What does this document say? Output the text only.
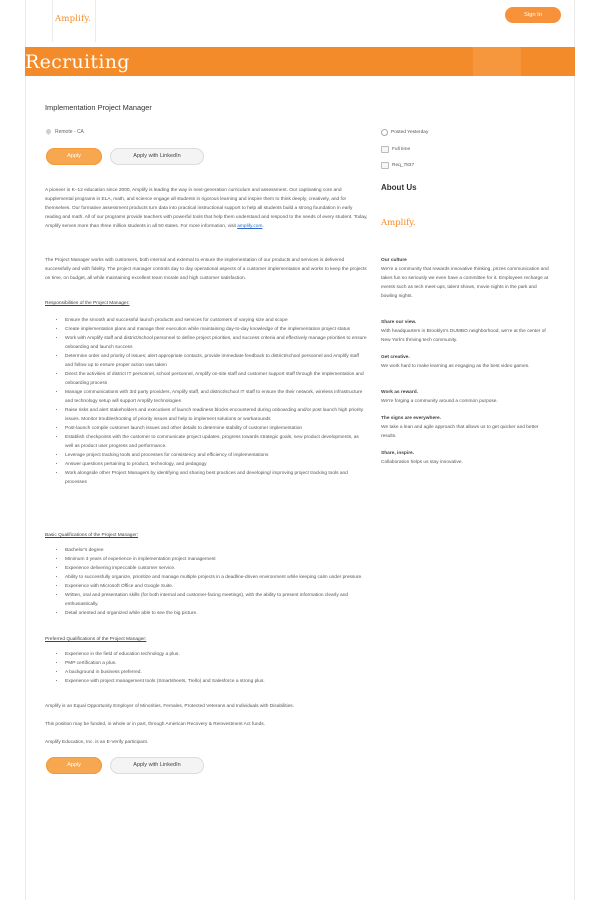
Amplify.	Sign In
Recruiting
Implementation Project Manager
Remote - CA
Apply	Apply with LinkedIn
Posted Yesterday
Full time
Req_7837

A pioneer in K–12 education since 2000, Amplify is leading the way in next-generation curriculum and assessment. Our captivating core and supplemental programs in ELA, math, and science engage all students in rigorous learning and inspire them to think deeply, creatively, and for themselves. Our formative assessment products turn data into practical instructional support to help all students build a strong foundation in early reading and math. All of our programs provide teachers with powerful tools that help them understand and respond to the needs of every student. Today, Amplify serves more than three million students in all 50 states. For more information, visit amplify.com.

The Project Manager works with customers, both internal and external to ensure the implementation of our products and services is delivered successfully and with fidelity. The project manager controls day to day operational aspects of a customer implementation and works to keep the projects on time, on budget, all while maintaining excellent team morale and high customer satisfaction.

Responsibilities of the Project Manager:

• Ensure the smooth and successful launch products and services for customers of varying size and scope
• Create implementation plans and manage their execution while maintaining day-to-day knowledge of the implementation project status
• Work with Amplify staff and district/school personnel to define project priorities, and success criteria and effectively manage priorities to ensure onboarding and launch success
• Determine order and priority of issues; alert appropriate contacts, provide immediate feedback to district/school personnel and Amplify staff and follow up to ensure proper action was taken
• Direct the activities of district IT personnel, school personnel, Amplify on-site staff and customer support staff through the implementation and onboarding process
• Manage communications with 3rd party providers, Amplify staff, and district/school IT staff to ensure the their network, wireless infrastructure and technology setup will support Amplify technologies
• Raise risks and alert stakeholders and executives of launch readiness blocks encountered during onboarding and/or post launch high priority issues. Monitor troubleshooting of priority issues and help to implement solutions or workarounds
• Post-launch compile customer launch issues and other details to determine stability of customer implementation
• Establish checkpoints with the customer to communicate project updates, progress towards strategic goals, new product developments, as well as product user progress and performance.
• Leverage project tracking tools and processes for consistency and efficiency of implementations
• Answer questions pertaining to product, technology, and pedagogy
• Work alongside other Project Managers by identifying and sharing best practices and developing/ improving project tracking tools and processes

Basic Qualifications of the Project Manager:

• Bachelor's degree
• Minimum 3 years of experience in implementation project management
• Experience delivering impeccable customer service.
• Ability to successfully organize, prioritize and manage multiple projects in a deadline-driven environment while keeping calm under pressure.
• Experience with Microsoft Office and Google Suite.
• Written, oral and presentation skills (for both internal and customer-facing meetings), with the ability to present information clearly and enthusiastically.
• Detail oriented and organized while able to see the big picture.

Preferred Qualifications of the Project Manager:

• Experience in the field of education technology a plus.
• PMP certification a plus.
• A background in business preferred.
• Experience with project management tools (Smartsheets, Trello) and Salesforce a strong plus.
Amplify is an Equal Opportunity Employer of Minorities, Females, Protected Veterans and Individuals with Disabilities.
This position may be funded, in whole or in part, through American Recovery & Reinvestment Act funds.
Amplify Education, Inc. is an E-Verify participant.
Apply	Apply with LinkedIn
About Us
Amplify.
Our culture
We're a community that rewards innovative thinking, prizes communication and takes fun so seriously we even have a committee for it. Employees recharge at events such as tech meet-ups, talent shows, movie nights in the park and bowling nights.
Share our view.
With headquarters in Brooklyn's DUMBO neighborhood, we're at the center of New York's thriving tech community.
Get creative.
We work hard to make learning as engaging as the best video games.
Work as reward.
We're forging a community around a common purpose.
The signs are everywhere.
We take a lean and agile approach that allows us to get quicker and better results.
Share, inspire.
Collaboration helps us stay innovative.
